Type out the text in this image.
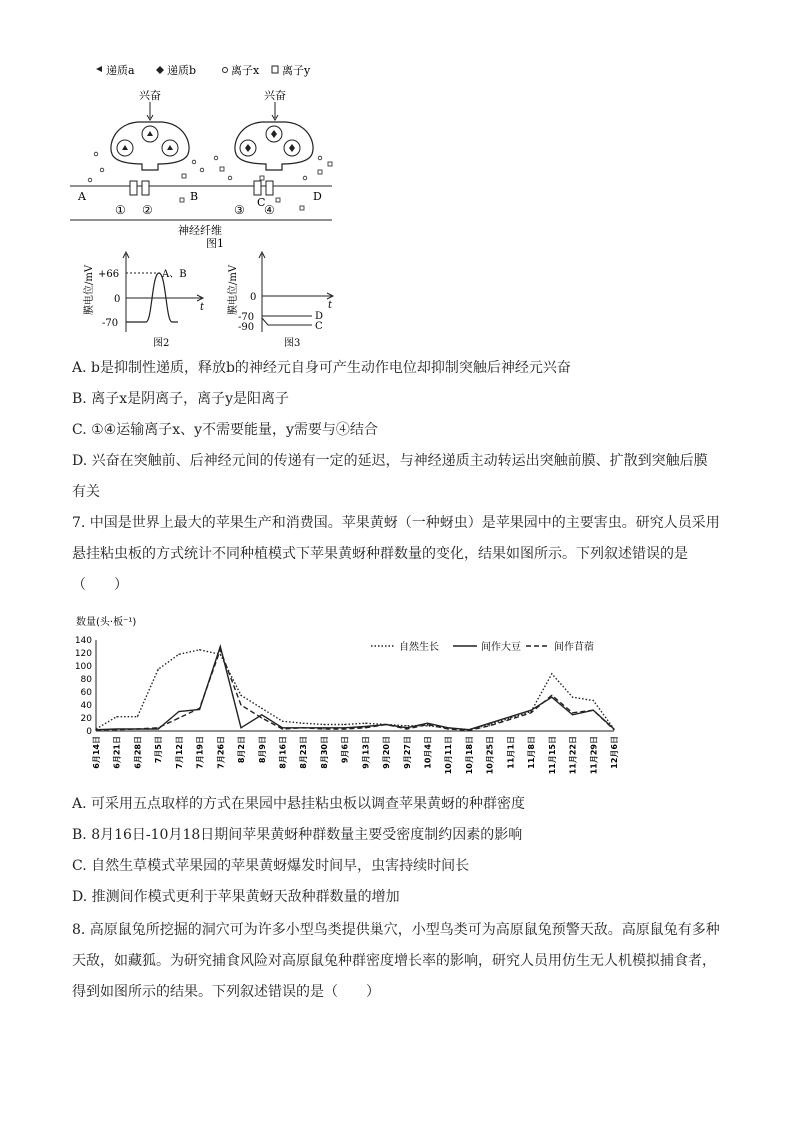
递质a	递质b	离子x 离子y
兴奋	兴奋
A	B	C	D
① ②	③ ④
神经纤维
图1
膜电位/mV +66
0
-70
A、B
t
图2
膜电位/mV 0
-70
-90
D
C
t
图3
A. b是抑制性递质，释放b的神经元自身可产生动作电位却抑制突触后神经元兴奋
B. 离子x是阴离子，离子y是阳离子
C. ①④运输离子x、y不需要能量，y需要与④结合
D. 兴奋在突触前、后神经元间的传递有一定的延迟，与神经递质主动转运出突触前膜、扩散到突触后膜
有关
7. 中国是世界上最大的苹果生产和消费国。苹果黄蚜（一种蚜虫）是苹果园中的主要害虫。研究人员采用
悬挂粘虫板的方式统计不同种植模式下苹果黄蚜种群数量的变化，结果如图所示。下列叙述错误的是
（　　）
数量(头·板⁻¹)
0
20
40
60
80
100
120
140
6月14日 6月21日 6月28日 7月5日 7月12日 7月19日 7月26日 8月2日 8月9日 8月16日 8月23日 8月30日 9月6日 9月13日 9月20日 9月27日 10月4日 10月11日 10月18日 10月25日 11月1日 11月8日 11月15日 11月22日 11月29日 12月6日
自然生长	间作大豆	间作苜蓿
A. 可采用五点取样的方式在果园中悬挂粘虫板以调查苹果黄蚜的种群密度
B. 8月16日-10月18日期间苹果黄蚜种群数量主要受密度制约因素的影响
C. 自然生草模式苹果园的苹果黄蚜爆发时间早，虫害持续时间长
D. 推测间作模式更利于苹果黄蚜天敌种群数量的增加
8. 高原鼠兔所挖掘的洞穴可为许多小型鸟类提供巢穴，小型鸟类可为高原鼠兔预警天敌。高原鼠兔有多种
天敌，如藏狐。为研究捕食风险对高原鼠兔种群密度增长率的影响，研究人员用仿生无人机模拟捕食者，
得到如图所示的结果。下列叙述错误的是（　　）
